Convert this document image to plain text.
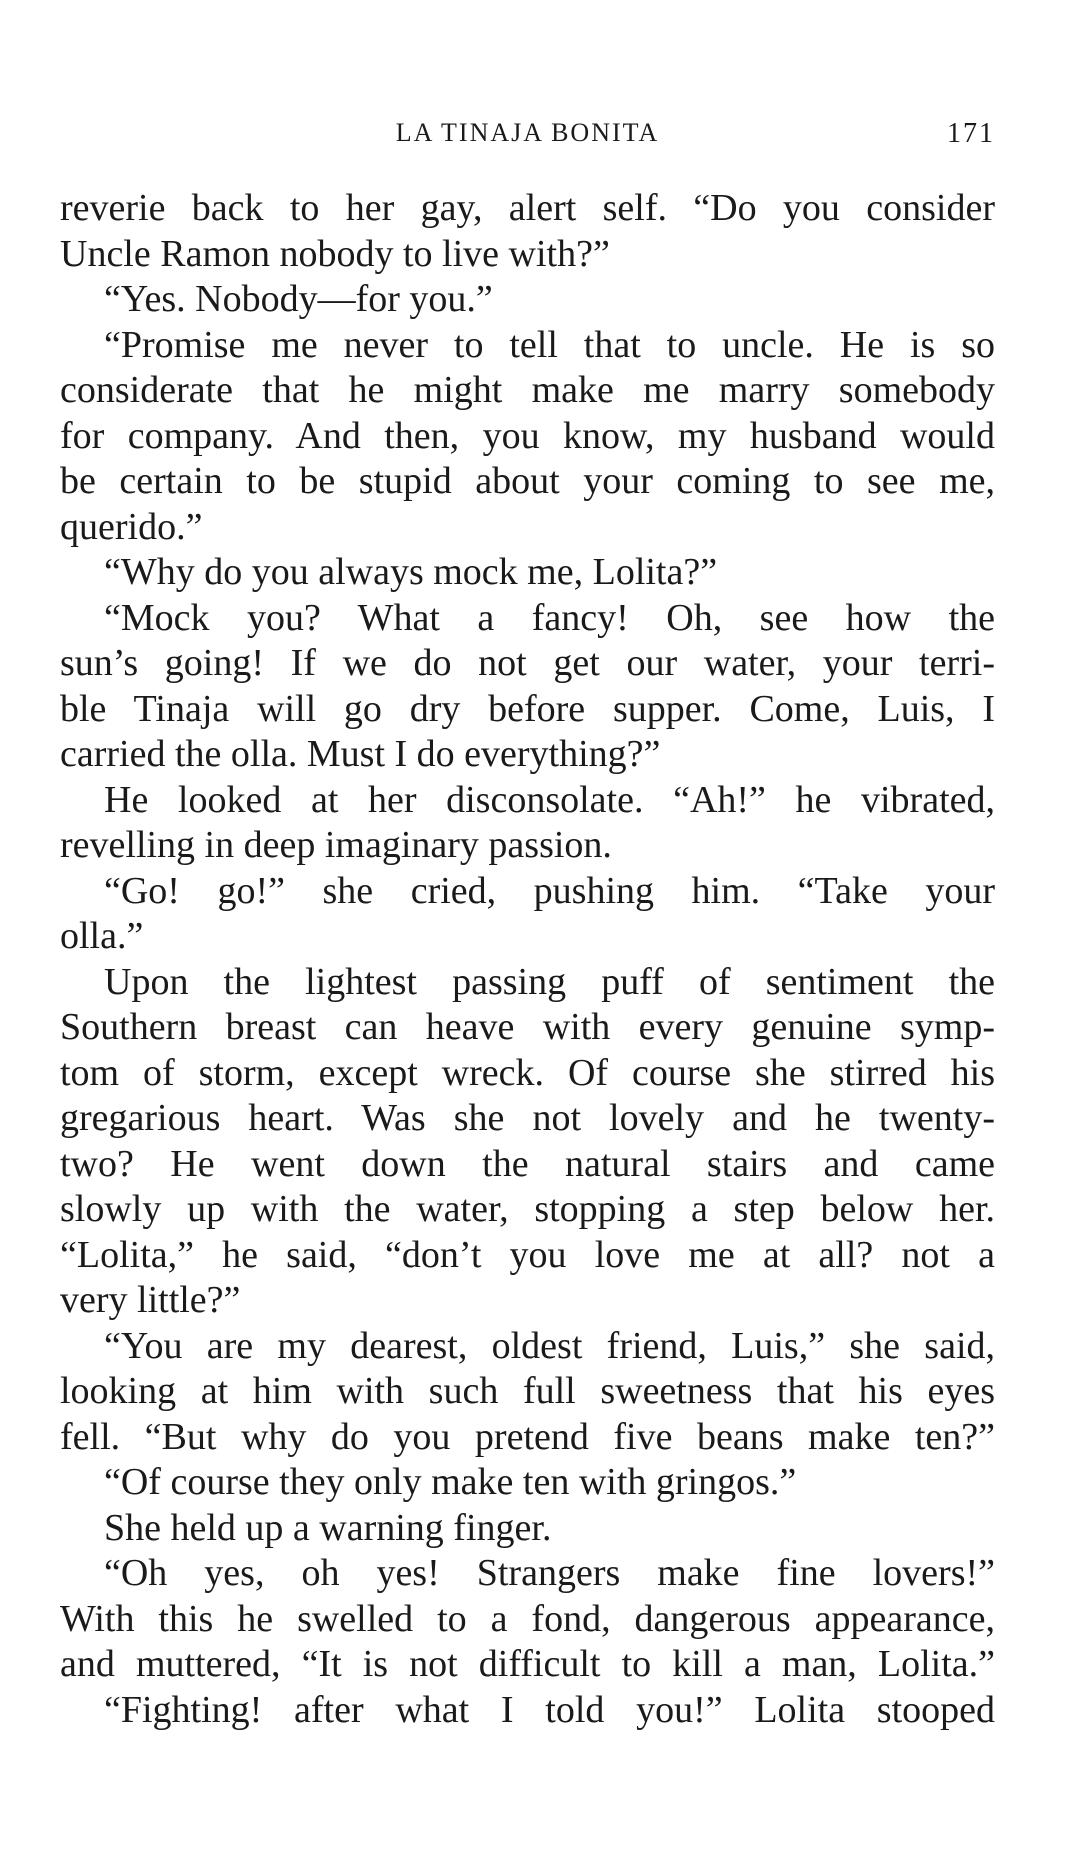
LA TINAJA BONITA	171
reverie back to her gay, alert self. “Do you consider
Uncle Ramon nobody to live with?”
“Yes. Nobody—for you.”
“Promise me never to tell that to uncle. He is so
considerate that he might make me marry somebody
for company. And then, you know, my husband would
be certain to be stupid about your coming to see me,
querido.”
“Why do you always mock me, Lolita?”
“Mock you? What a fancy! Oh, see how the
sun’s going! If we do not get our water, your terri-
ble Tinaja will go dry before supper. Come, Luis, I
carried the olla. Must I do everything?”
He looked at her disconsolate. “Ah!” he vibrated,
revelling in deep imaginary passion.
“Go! go!” she cried, pushing him. “Take your
olla.”
Upon the lightest passing puff of sentiment the
Southern breast can heave with every genuine symp-
tom of storm, except wreck. Of course she stirred his
gregarious heart. Was she not lovely and he twenty-
two? He went down the natural stairs and came
slowly up with the water, stopping a step below her.
“Lolita,” he said, “don’t you love me at all? not a
very little?”
“You are my dearest, oldest friend, Luis,” she said,
looking at him with such full sweetness that his eyes
fell. “But why do you pretend five beans make ten?”
“Of course they only make ten with gringos.”
She held up a warning finger.
“Oh yes, oh yes! Strangers make fine lovers!”
With this he swelled to a fond, dangerous appearance,
and muttered, “It is not difficult to kill a man, Lolita.”
“Fighting! after what I told you!” Lolita stooped
